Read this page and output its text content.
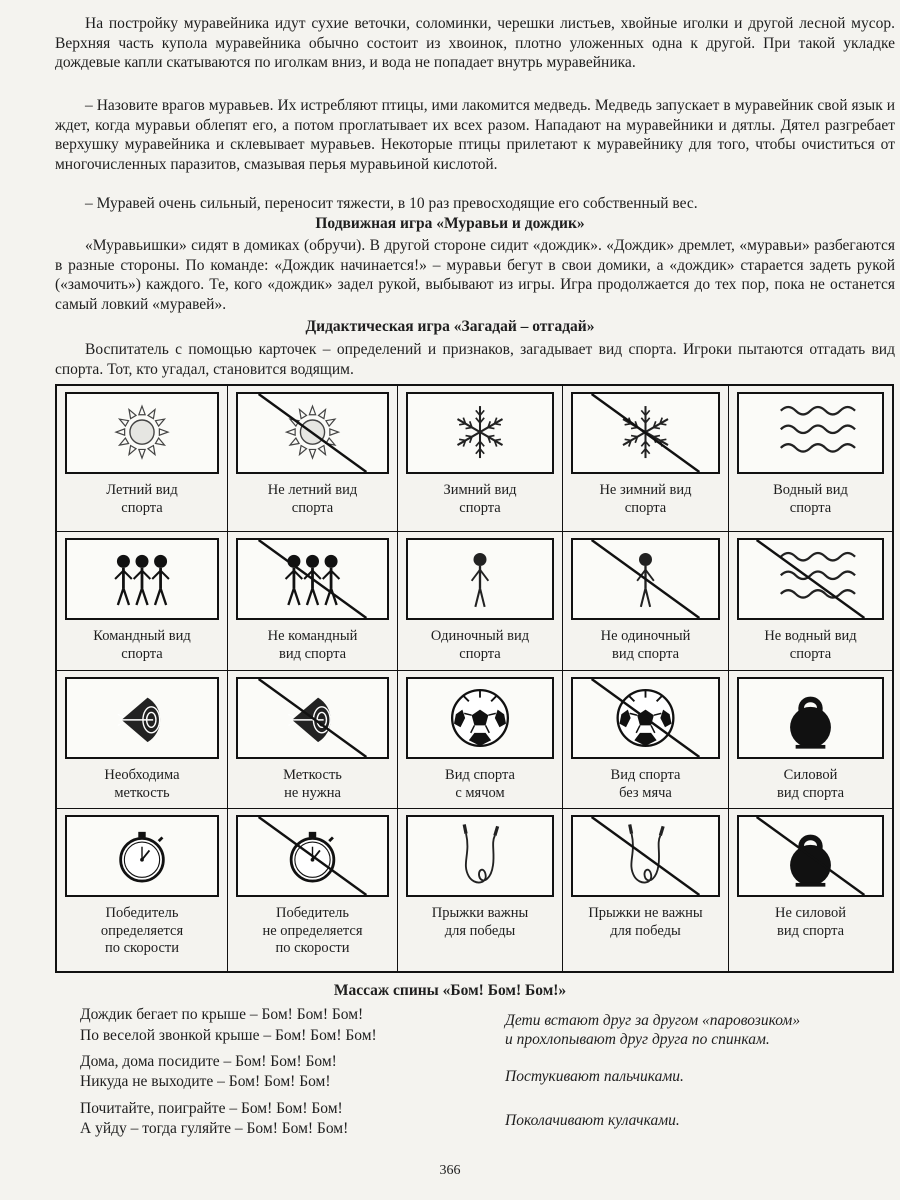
На постройку муравейника идут сухие веточки, соломинки, черешки листьев, хвойные иголки и другой лесной мусор. Верхняя часть купола муравейника обычно состоит из хвоинок, плотно уложенных одна к другой. При такой укладке дождевые капли скатываются по иголкам вниз, и вода не попадает внутрь муравейника.

– Назовите врагов муравьев. Их истребляют птицы, ими лакомится медведь. Медведь запускает в муравейник свой язык и ждет, когда муравьи облепят его, а потом проглатывает их всех разом. Нападают на муравейники и дятлы. Дятел разгребает верхушку муравейника и склевывает муравьев. Некоторые птицы прилетают к муравейнику для того, чтобы очиститься от многочисленных паразитов, смазывая перья муравьиной кислотой.

– Муравей очень сильный, переносит тяжести, в 10 раз превосходящие его собственный вес.

Подвижная игра «Муравьи и дождик»

«Муравьишки» сидят в домиках (обручи). В другой стороне сидит «дождик». «Дождик» дремлет, «муравьи» разбегаются в разные стороны. По команде: «Дождик начинается!» – муравьи бегут в свои домики, а «дождик» старается задеть рукой («замочить») каждого. Те, кого «дождик» задел рукой, выбывают из игры. Игра продолжается до тех пор, пока не останется самый ловкий «муравей».

Дидактическая игра «Загадай – отгадай»

Воспитатель с помощью карточек – определений и признаков, загадывает вид спорта. Игроки пытаются отгадать вид спорта. Тот, кто угадал, становится водящим.

Летний вид
спорта
Не летний вид
спорта
Зимний вид
спорта
Не зимний вид
спорта
Водный вид
спорта
Командный вид
спорта
Не командный
вид спорта
Одиночный вид
спорта
Не одиночный
вид спорта
Не водный вид
спорта
Необходима
меткость
Меткость
не нужна
Вид спорта
с мячом
Вид спорта
без мяча
Силовой
вид спорта
Победитель
определяется
по скорости
Победитель
не определяется
по скорости
Прыжки важны
для победы
Прыжки не важны
для победы
Не силовой
вид спорта

Массаж спины «Бом! Бом! Бом!»

Дождик бегает по крыше – Бом! Бом! Бом!

По веселой звонкой крыше – Бом! Бом! Бом!

Дома, дома посидите – Бом! Бом! Бом!

Никуда не выходите – Бом! Бом! Бом!

Почитайте, поиграйте – Бом! Бом! Бом!

А уйду – тогда гуляйте – Бом! Бом! Бом!

Дети встают друг за другом «паровозиком»

и прохлопывают друг друга по спинкам.

Постукивают пальчиками.

Поколачивают кулачками.

366
